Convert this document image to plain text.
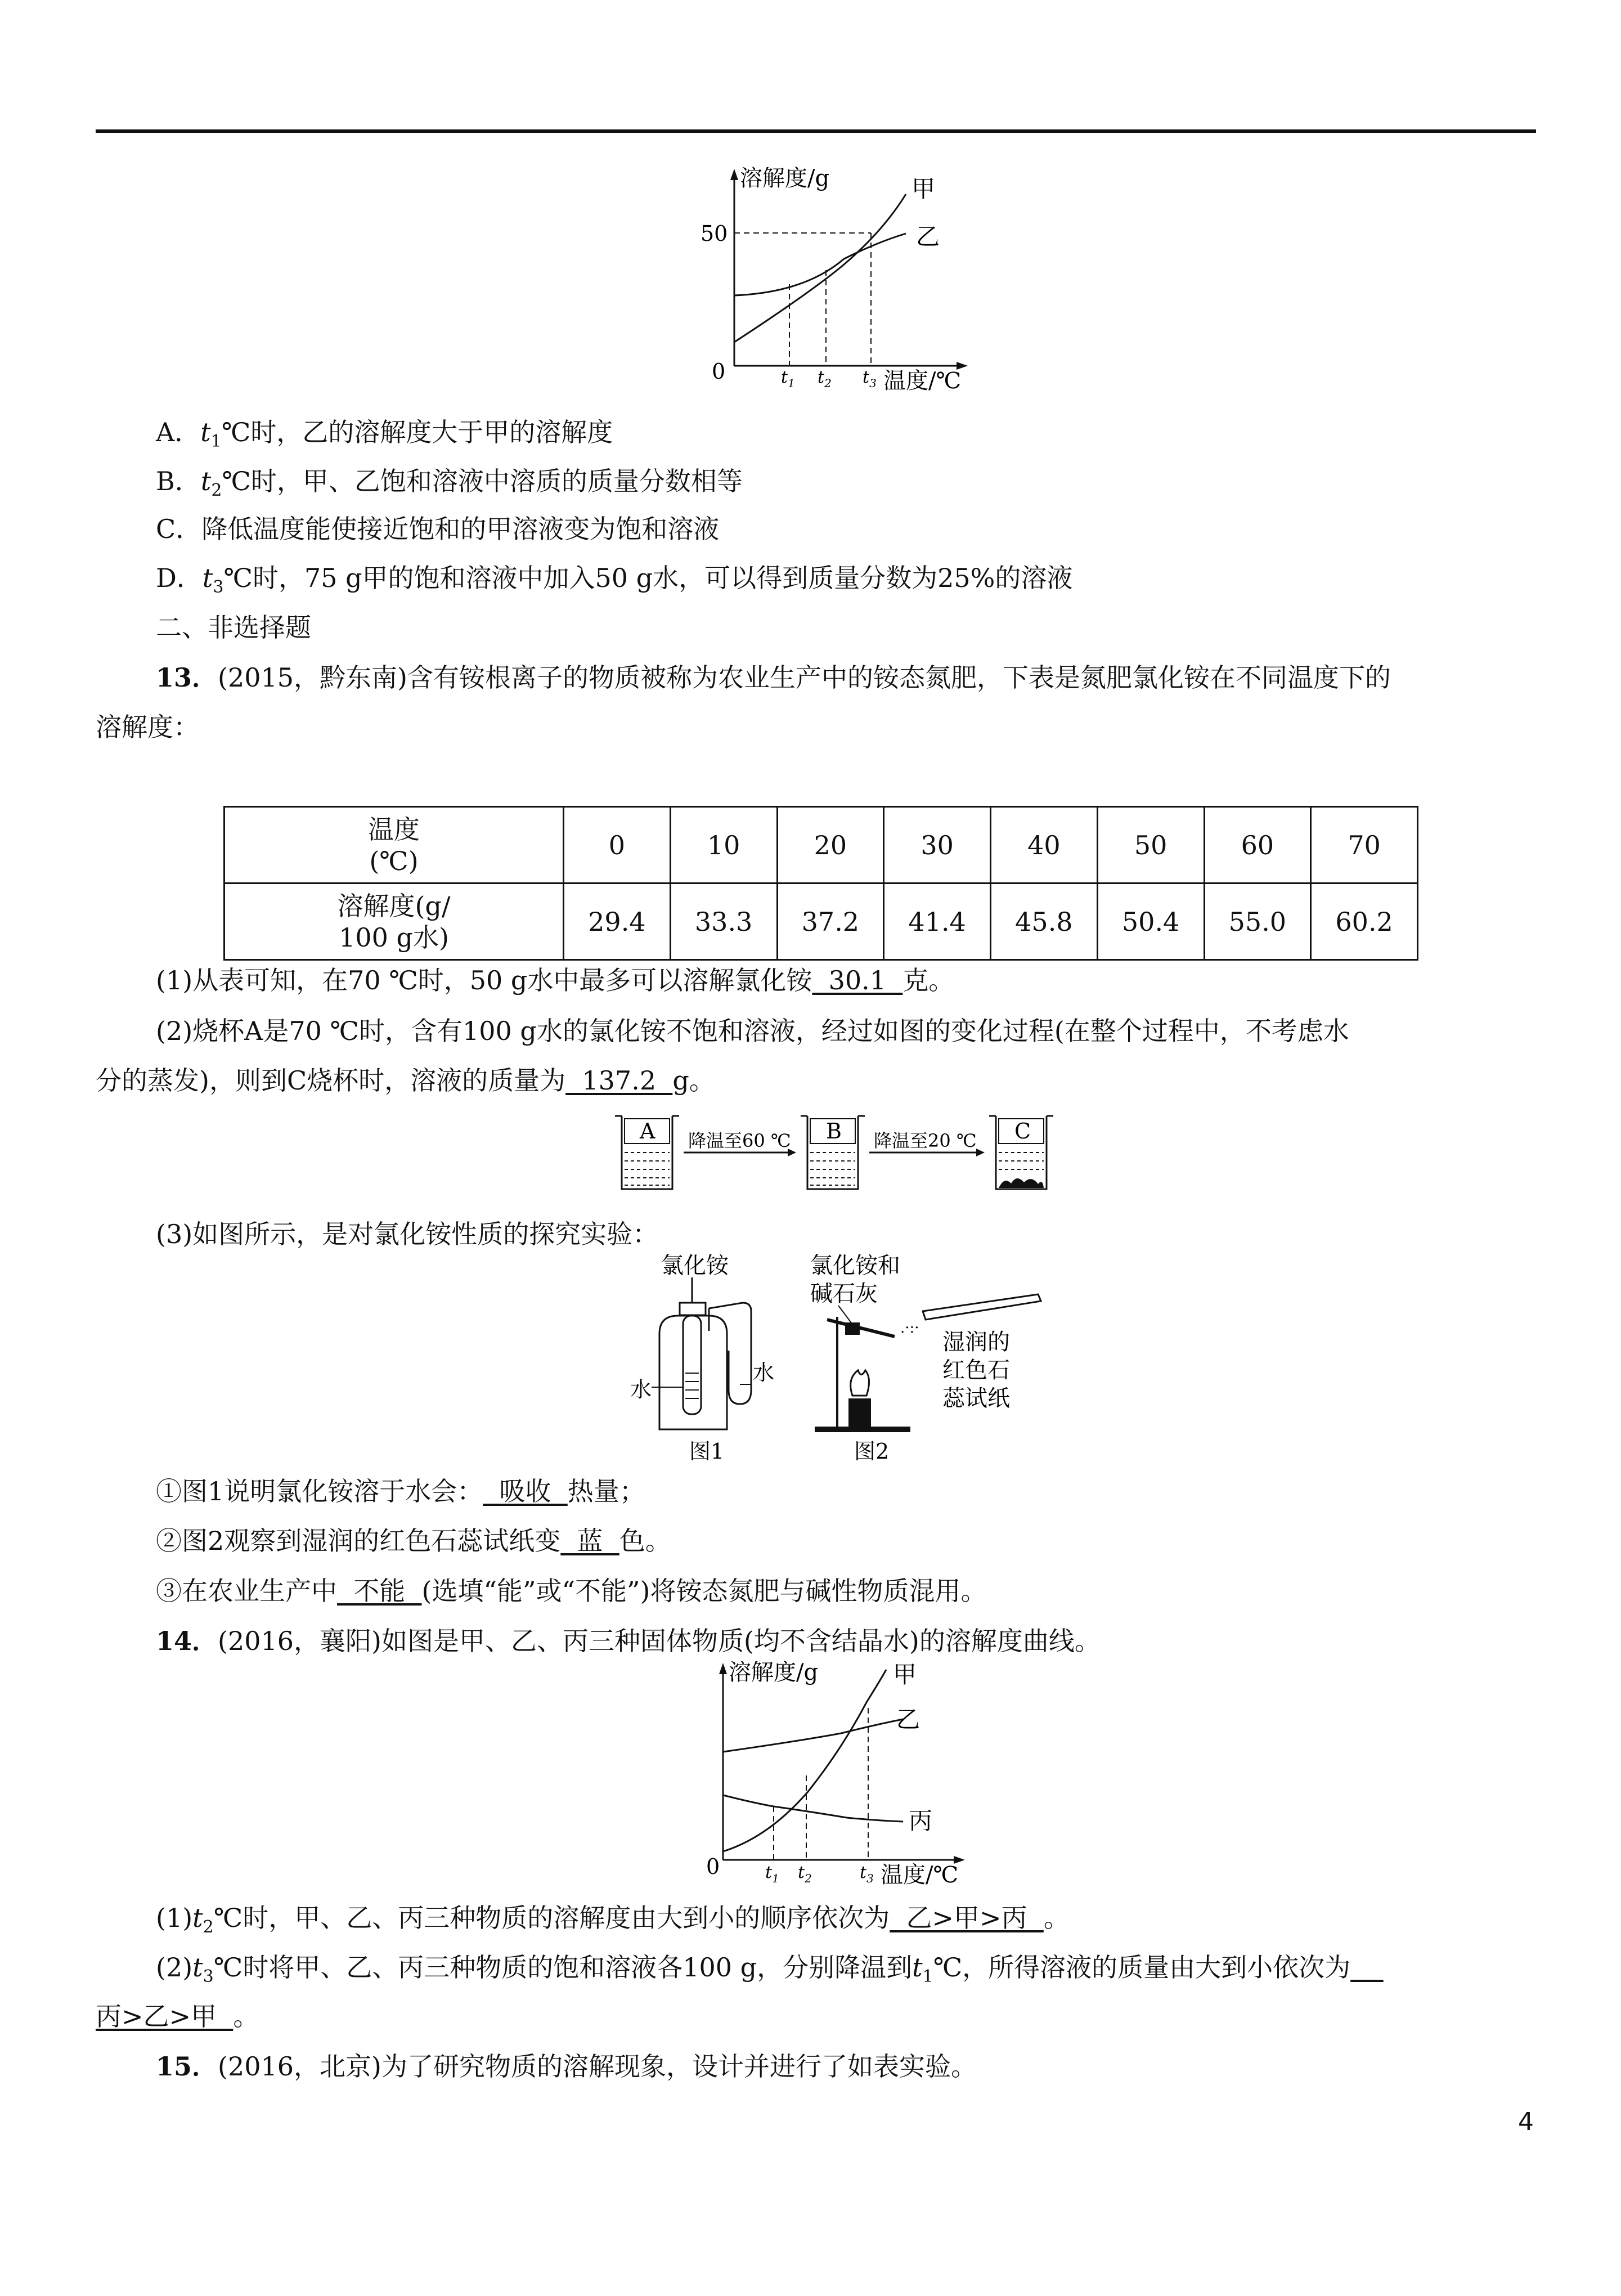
溶解度/g
50
0
甲
乙
温度/℃
$t_1$ $t_2$ $t_3$
A．$t_1℃$时，乙的溶解度大于甲的溶解度
B．$t_2℃$时，甲、乙饱和溶液中溶质的质量分数相等
C．降低温度能使接近饱和的甲溶液变为饱和溶液
D．$t_3℃$时，75 g甲的饱和溶液中加入50 g水，可以得到质量分数为25%的溶液
二、非选择题
13．(2015，黔东南)含有铵根离子的物质被称为农业生产中的铵态氮肥，下表是氮肥氯化铵在不同温度下的
溶解度：
温度
(℃)	0	10	20	30	40	50	60	70
溶解度(g/
100 g水)	29.4	33.3	37.2	41.4	45.8	50.4	55.0	60.2
(1)从表可知，在70 ℃时，50 g水中最多可以溶解氯化铵  30.1  克。
(2)烧杯A是70 ℃时，含有100 g水的氯化铵不饱和溶液，经过如图的变化过程(在整个过程中，不考虑水
分的蒸发)，则到C烧杯时，溶液的质量为  137.2  g。
A 降温至60 ℃ B 降温至20 ℃ C
(3)如图所示，是对氯化铵性质的探究实验：
氯化铵
水
水
图1
氯化铵和
碱石灰
.·:·
湿润的
红色石
蕊试纸
图2
①图1说明氯化铵溶于水会：  吸收  热量；
②图2观察到湿润的红色石蕊试纸变  蓝  色。
③在农业生产中  不能  (选填“能”或“不能”)将铵态氮肥与碱性物质混用。
14．(2016，襄阳)如图是甲、乙、丙三种固体物质(均不含结晶水)的溶解度曲线。
溶解度/g
0
甲
乙
丙
温度/℃
$t_1$ $t_2$	$t_3$
$(1)t_2℃$时，甲、乙、丙三种物质的溶解度由大到小的顺序依次为  乙>甲>丙  。
$(2)t_3℃$时将甲、乙、丙三种物质的饱和溶液各100 g，分别降温到$t_1℃$，所得溶液的质量由大到小依次为
丙>乙>甲  。
15．(2016，北京)为了研究物质的溶解现象，设计并进行了如表实验。
4
